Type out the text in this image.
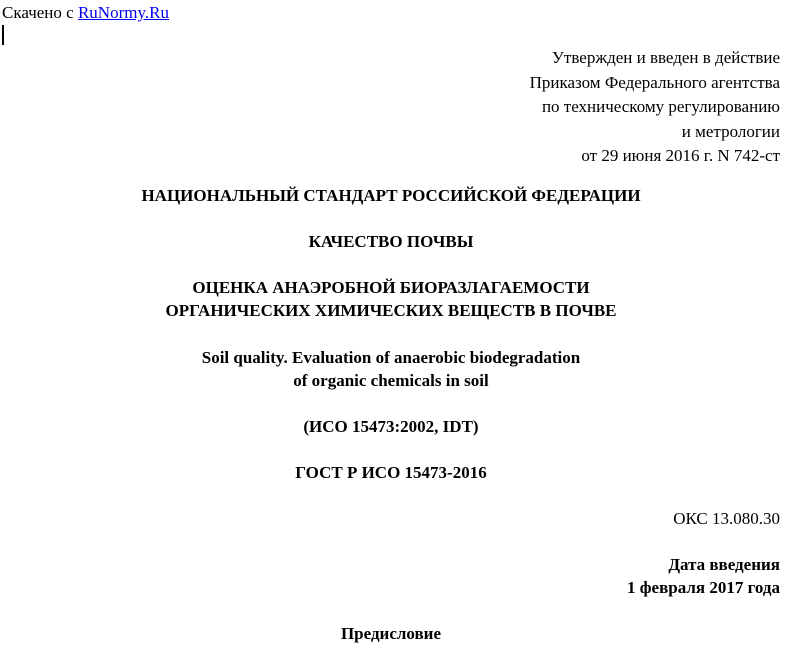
Скачено с RuNormy.Ru
Утвержден и введен в действие
Приказом Федерального агентства
по техническому регулированию
и метрологии
от 29 июня 2016 г. N 742-ст
НАЦИОНАЛЬНЫЙ СТАНДАРТ РОССИЙСКОЙ ФЕДЕРАЦИИ
КАЧЕСТВО ПОЧВЫ
ОЦЕНКА АНАЭРОБНОЙ БИОРАЗЛАГАЕМОСТИ
ОРГАНИЧЕСКИХ ХИМИЧЕСКИХ ВЕЩЕСТВ В ПОЧВЕ
Soil quality. Evaluation of anaerobic biodegradation
of organic chemicals in soil
(ИСО 15473:2002, IDT)
ГОСТ Р ИСО 15473-2016
ОКС 13.080.30
Дата введения
1 февраля 2017 года
Предисловие
